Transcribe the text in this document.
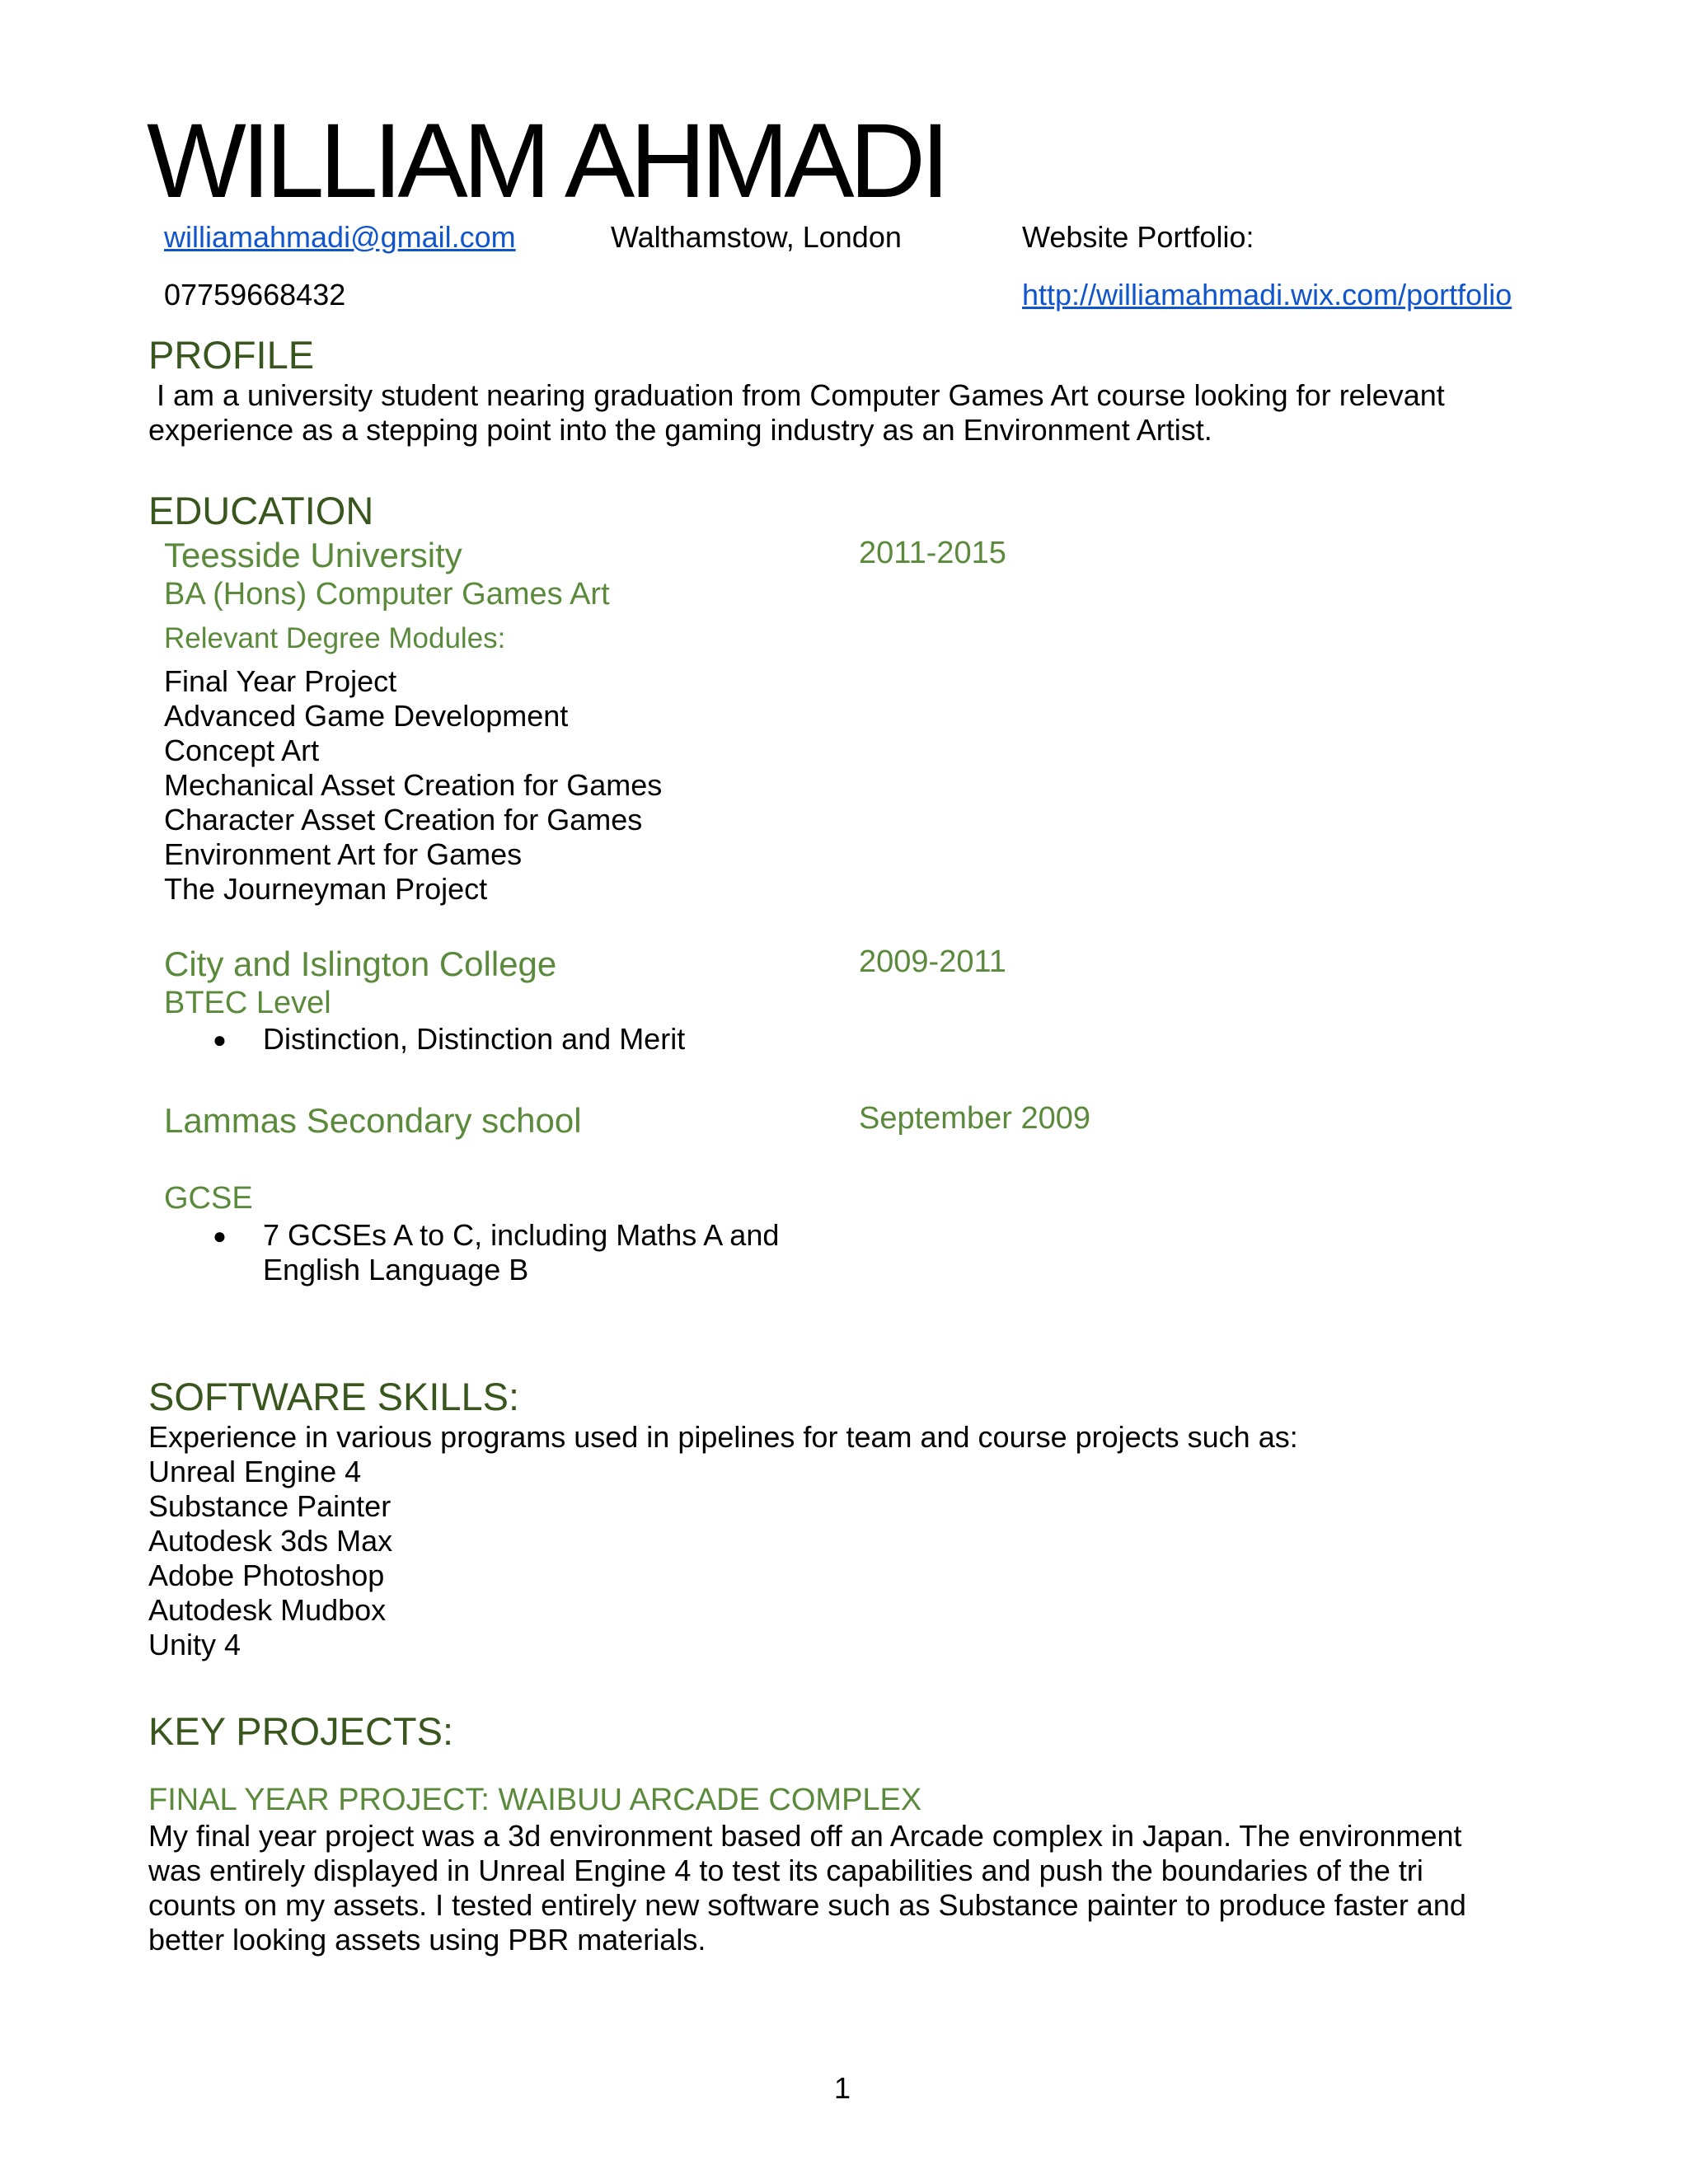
WILLIAM AHMADI
williamahmadi@gmail.com	Walthamstow, London	Website Portfolio:
07759668432	http://williamahmadi.wix.com/portfolio
PROFILE
I am a university student nearing graduation from Computer Games Art course looking for relevant
experience as a stepping point into the gaming industry as an Environment Artist.
EDUCATION
Teesside University	2011-2015
BA (Hons) Computer Games Art
Relevant Degree Modules:
Final Year Project
Advanced Game Development
Concept Art
Mechanical Asset Creation for Games
Character Asset Creation for Games
Environment Art for Games
The Journeyman Project
City and Islington College	2009-2011
BTEC Level
● Distinction, Distinction and Merit
Lammas Secondary school	September 2009
GCSE
● 7 GCSEs A to C, including Maths A and
English Language B
SOFTWARE SKILLS:
Experience in various programs used in pipelines for team and course projects such as:
Unreal Engine 4
Substance Painter
Autodesk 3ds Max
Adobe Photoshop
Autodesk Mudbox
Unity 4
KEY PROJECTS:
FINAL YEAR PROJECT: WAIBUU ARCADE COMPLEX
My final year project was a 3d environment based off an Arcade complex in Japan. The environment
was entirely displayed in Unreal Engine 4 to test its capabilities and push the boundaries of the tri
counts on my assets. I tested entirely new software such as Substance painter to produce faster and
better looking assets using PBR materials.
1
